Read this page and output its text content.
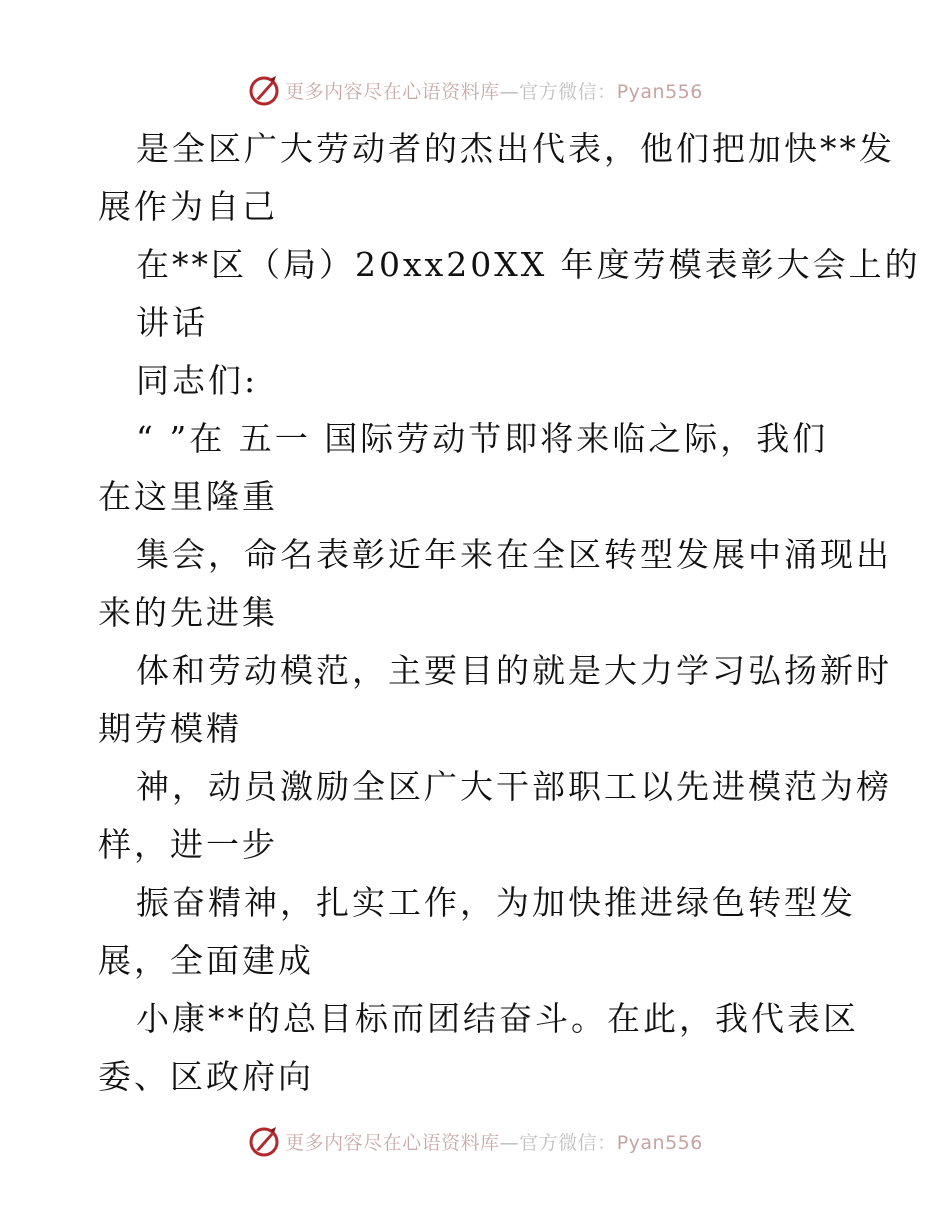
更多内容尽在心语资料库—官方微信：Pyan556
是全区广大劳动者的杰出代表，他们把加快**发
展作为自己
在**区（局）20xx20XX 年度劳模表彰大会上的
讲话
同志们:
“ ”在 五一 国际劳动节即将来临之际，我们
在这里隆重
集会，命名表彰近年来在全区转型发展中涌现出
来的先进集
体和劳动模范，主要目的就是大力学习弘扬新时
期劳模精
神，动员激励全区广大干部职工以先进模范为榜
样，进一步
振奋精神，扎实工作，为加快推进绿色转型发
展，全面建成
小康**的总目标而团结奋斗。在此，我代表区
委、区政府向
更多内容尽在心语资料库—官方微信：Pyan556
